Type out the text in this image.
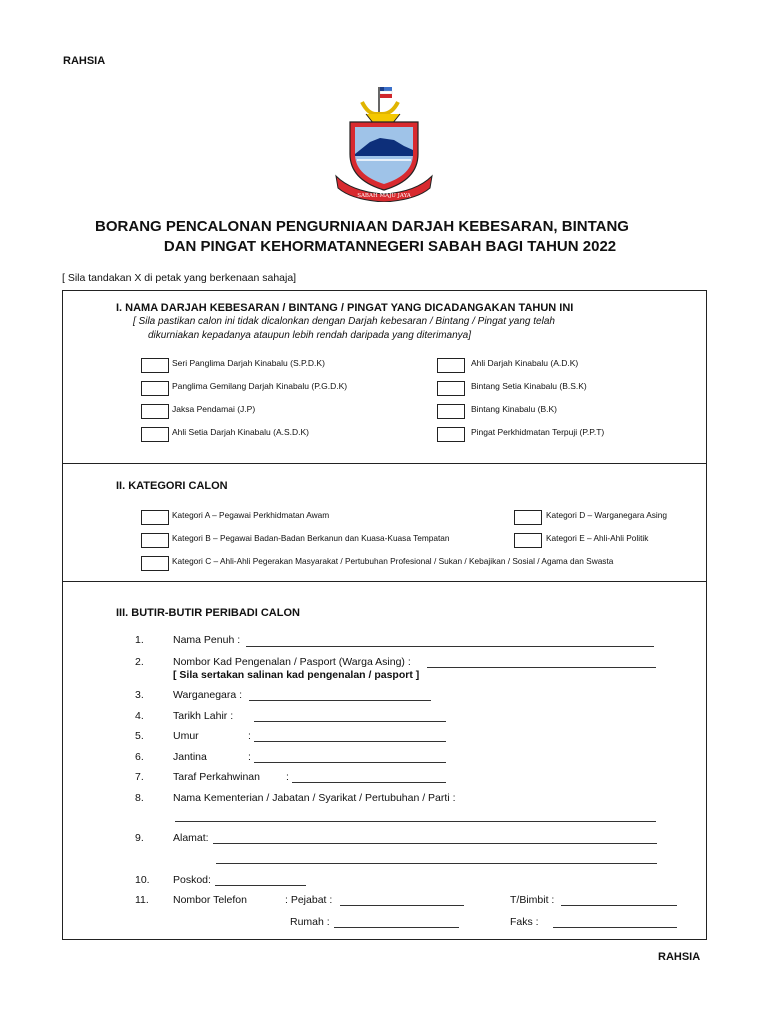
RAHSIA
SABAH MAJU JAYA
BORANG PENCALONAN PENGURNIAAN DARJAH KEBESARAN, BINTANG
DAN PINGAT KEHORMATANNEGERI SABAH BAGI TAHUN 2022
[ Sila tandakan X di petak yang berkenaan sahaja]
I. NAMA DARJAH KEBESARAN / BINTANG / PINGAT YANG DICADANGAKAN TAHUN INI
[ Sila pastikan calon ini tidak dicalonkan dengan Darjah kebesaran / Bintang / Pingat yang telah
dikurniakan kepadanya ataupun lebih rendah daripada yang diterimanya]
Seri Panglima Darjah Kinabalu (S.P.D.K)
Panglima Gemilang Darjah Kinabalu (P.G.D.K)
Jaksa Pendamai (J.P)
Ahli Setia Darjah Kinabalu (A.S.D.K)
Ahli Darjah Kinabalu (A.D.K)
Bintang Setia Kinabalu (B.S.K)
Bintang Kinabalu (B.K)
Pingat Perkhidmatan Terpuji (P.P.T)
II. KATEGORI CALON
Kategori A – Pegawai Perkhidmatan Awam
Kategori B – Pegawai Badan-Badan Berkanun dan Kuasa-Kuasa Tempatan
Kategori C – Ahli-Ahli Pegerakan Masyarakat / Pertubuhan Profesional / Sukan / Kebajikan / Sosial / Agama dan Swasta
Kategori D – Warganegara Asing
Kategori E – Ahli-Ahli Politik
III. BUTIR-BUTIR PERIBADI CALON
1.	Nama Penuh :
2.	Nombor Kad Pengenalan / Pasport (Warga Asing) :
[ Sila sertakan salinan kad pengenalan / pasport ]
3.	Warganegara :
4.	Tarikh Lahir :
5.	Umur	:
6.	Jantina	:
7.	Taraf Perkahwinan :
8.	Nama Kementerian / Jabatan / Syarikat / Pertubuhan / Parti :
9.	Alamat:
10.	Poskod:
11.	Nombor Telefon	: Pejabat :	T/Bimbit :
Rumah :	Faks :
RAHSIA
